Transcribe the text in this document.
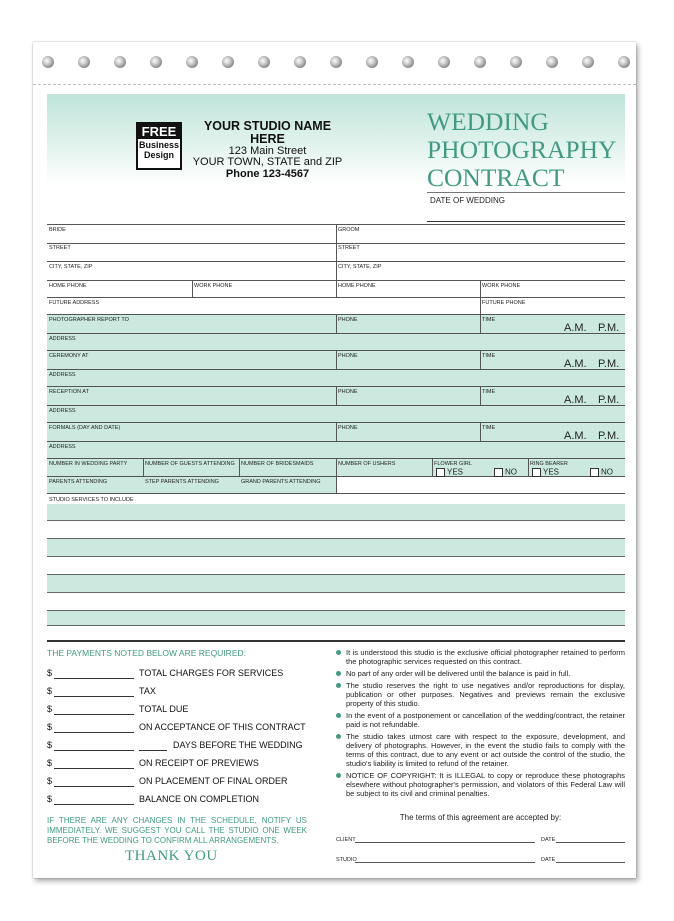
FREE
Business Design
YOUR STUDIO NAME HERE
123 Main Street
YOUR TOWN, STATE and ZIP
Phone 123-4567
WEDDING
PHOTOGRAPHY
CONTRACT
DATE OF WEDDING
BRIDE	GROOM
STREET	STREET
CITY, STATE, ZIP	CITY, STATE, ZIP
HOME PHONE	WORK PHONE	HOME PHONE	WORK PHONE
FUTURE ADDRESS	FUTURE PHONE
PHOTOGRAPHER REPORT TO	PHONE	TIME
A.M. P.M.
ADDRESS
CEREMONY AT	PHONE	TIME
A.M. P.M.
ADDRESS
RECEPTION AT	PHONE	TIME
A.M. P.M.
ADDRESS
FORMALS (DAY AND DATE)	PHONE	TIME
A.M. P.M.
ADDRESS
NUMBER IN WEDDING PARTY	NUMBER OF GUESTS ATTENDING	NUMBER OF BRIDESMAIDS	NUMBER OF USHERS	FLOWER GIRL
YES	NO
RING BEARER
YES	NO
PARENTS ATTENDING	STEP PARENTS ATTENDING	GRAND PARENTS ATTENDING
STUDIO SERVICES TO INCLUDE
THE PAYMENTS NOTED BELOW ARE REQUIRED:
$	TOTAL CHARGES FOR SERVICES
$	TAX
$	TOTAL DUE
$	ON ACCEPTANCE OF THIS CONTRACT
$	DAYS BEFORE THE WEDDING
$	ON RECEIPT OF PREVIEWS
$	ON PLACEMENT OF FINAL ORDER
$	BALANCE ON COMPLETION
IF THERE ARE ANY CHANGES IN THE SCHEDULE, NOTIFY US IMMEDIATELY. WE SUGGEST YOU CALL THE STUDIO ONE WEEK BEFORE THE WEDDING TO CONFIRM ALL ARRANGEMENTS.
THANK YOU
It is understood this studio is the exclusive official photographer retained to perform the photographic services requested on this contract.
No part of any order will be delivered until the balance is paid in full.
The studio reserves the right to use negatives and/or reproductions for display, publication or other purposes. Negatives and previews remain the exclusive property of this studio.
In the event of a postponement or cancellation of the wedding/contract, the retainer paid is not refundable.
The studio takes utmost care with respect to the exposure, development, and delivery of photographs. However, in the event the studio fails to comply with the terms of this contract, due to any event or act outside the control of the studio, the studio's liability is limited to refund of the retainer.
NOTICE OF COPYRIGHT: It is ILLEGAL to copy or reproduce these photographs elsewhere without photographer's permission, and violators of this Federal Law will be subject to its civil and criminal penalties.
The terms of this agreement are accepted by:
CLIENT	DATE
STUDIO	DATE
